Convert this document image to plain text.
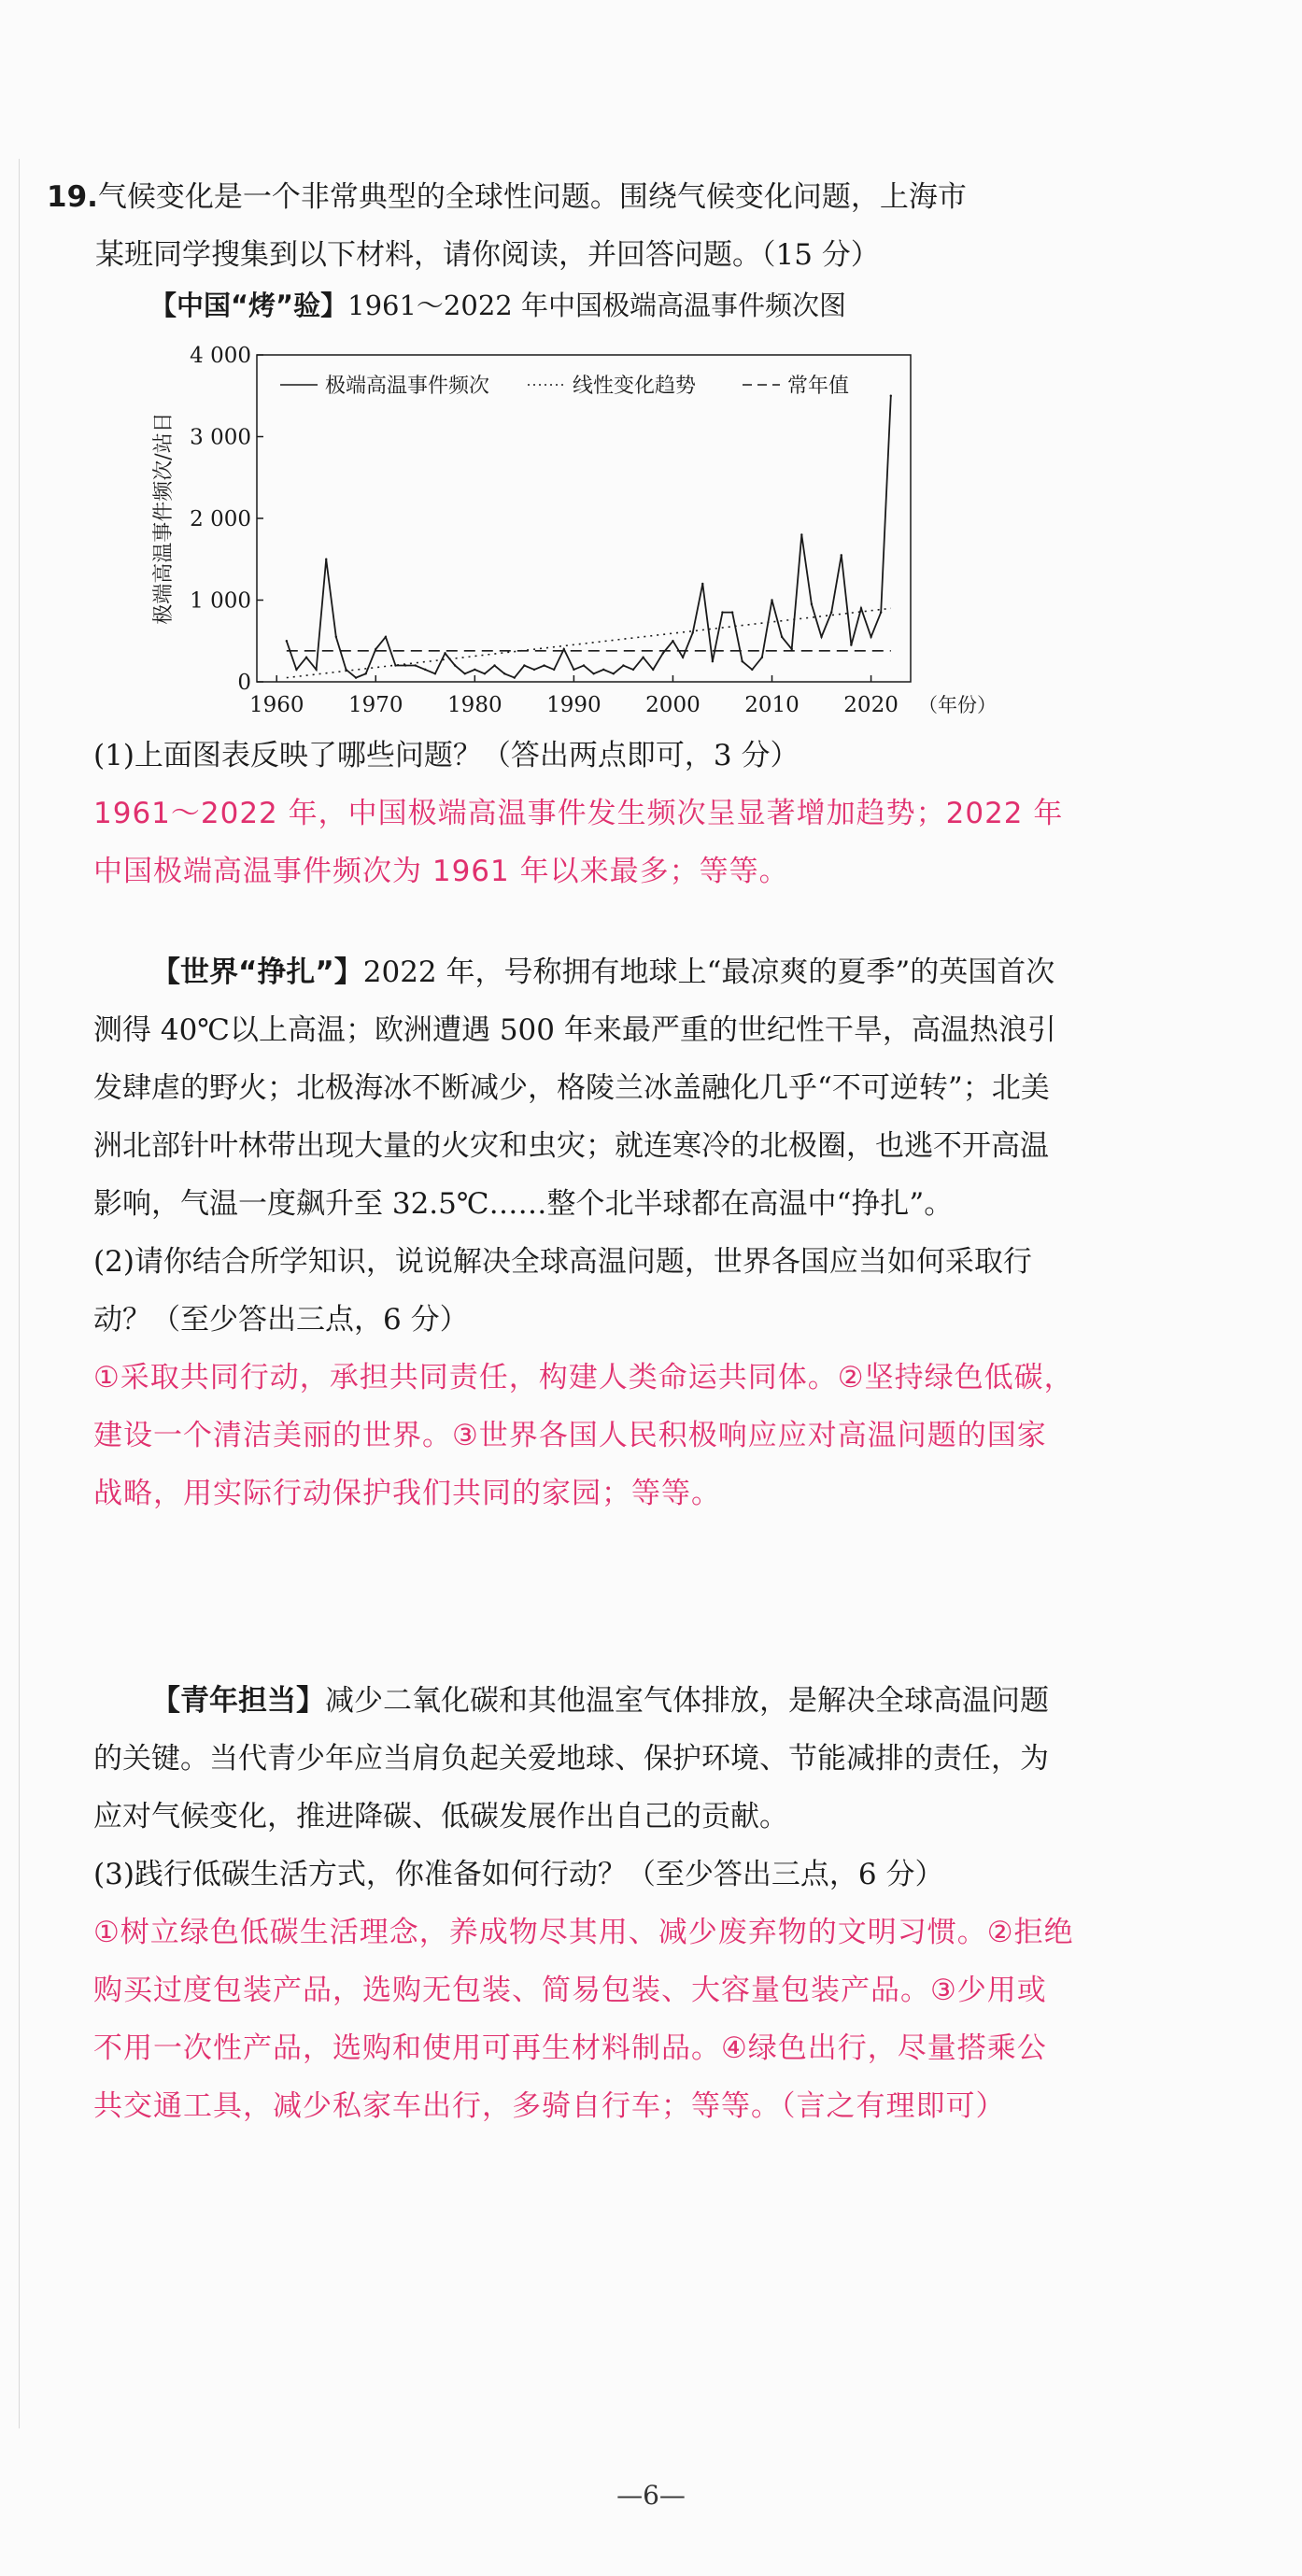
19.气候变化是一个非常典型的全球性问题。围绕气候变化问题，上海市
某班同学搜集到以下材料，请你阅读，并回答问题。（15 分）
【中国“烤”验】1961～2022 年中国极端高温事件频次图
极端高温事件频次/站日
0
1 000
2 000
3 000
4 000
1960 1970 1980 1990 2000 2010 2020 （年份）
极端高温事件频次	线性变化趋势	常年值

(1)上面图表反映了哪些问题？（答出两点即可，3 分）

1961～2022 年，中国极端高温事件发生频次呈显著增加趋势；2022 年中国极端高温事件频次为 1961 年以来最多；等等。

【世界“挣扎”】2022 年，号称拥有地球上“最凉爽的夏季”的英国首次测得 40℃以上高温；欧洲遭遇 500 年来最严重的世纪性干旱，高温热浪引发肆虐的野火；北极海冰不断减少，格陵兰冰盖融化几乎“不可逆转”；北美洲北部针叶林带出现大量的火灾和虫灾；就连寒冷的北极圈，也逃不开高温影响，气温一度飙升至 32.5℃……整个北半球都在高温中“挣扎”。

(2)请你结合所学知识，说说解决全球高温问题，世界各国应当如何采取行动？（至少答出三点，6 分）

①采取共同行动，承担共同责任，构建人类命运共同体。②坚持绿色低碳，建设一个清洁美丽的世界。③世界各国人民积极响应应对高温问题的国家战略，用实际行动保护我们共同的家园；等等。

【青年担当】减少二氧化碳和其他温室气体排放，是解决全球高温问题的关键。当代青少年应当肩负起关爱地球、保护环境、节能减排的责任，为应对气候变化，推进降碳、低碳发展作出自己的贡献。

(3)践行低碳生活方式，你准备如何行动？（至少答出三点，6 分）

①树立绿色低碳生活理念，养成物尽其用、减少废弃物的文明习惯。②拒绝购买过度包装产品，选购无包装、简易包装、大容量包装产品。③少用或不用一次性产品，选购和使用可再生材料制品。④绿色出行，尽量搭乘公共交通工具，减少私家车出行，多骑自行车；等等。（言之有理即可）

—6—
